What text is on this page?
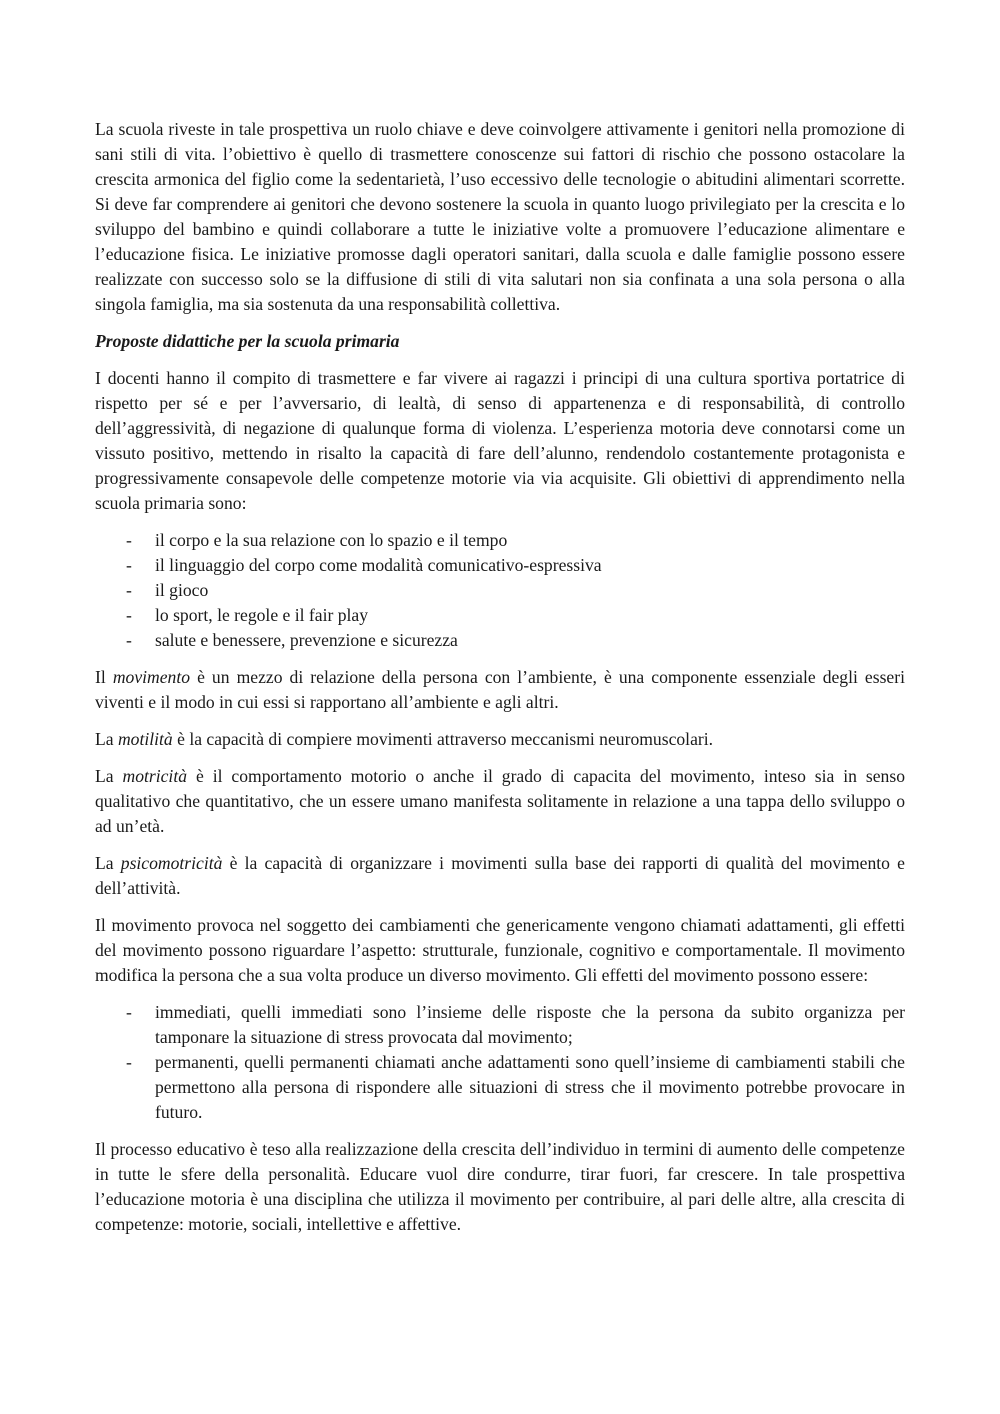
La scuola riveste in tale prospettiva un ruolo chiave e deve coinvolgere attivamente i genitori nella promozione di sani stili di vita. l’obiettivo è quello di trasmettere conoscenze sui fattori di rischio che possono ostacolare la crescita armonica del figlio come la sedentarietà, l’uso eccessivo delle tecnologie o abitudini alimentari scorrette. Si deve far comprendere ai genitori che devono sostenere la scuola in quanto luogo privilegiato per la crescita e lo sviluppo del bambino e quindi collaborare a tutte le iniziative volte a promuovere l’educazione alimentare e l’educazione fisica. Le iniziative promosse dagli operatori sanitari, dalla scuola e dalle famiglie possono essere realizzate con successo solo se la diffusione di stili di vita salutari non sia confinata a una sola persona o alla singola famiglia, ma sia sostenuta da una responsabilità collettiva.

Proposte didattiche per la scuola primaria

I docenti hanno il compito di trasmettere e far vivere ai ragazzi i principi di una cultura sportiva portatrice di rispetto per sé e per l’avversario, di lealtà, di senso di appartenenza e di responsabilità, di controllo dell’aggressività, di negazione di qualunque forma di violenza. L’esperienza motoria deve connotarsi come un vissuto positivo, mettendo in risalto la capacità di fare dell’alunno, rendendolo costantemente protagonista e progressivamente consapevole delle competenze motorie via via acquisite. Gli obiettivi di apprendimento nella scuola primaria sono:

- il corpo e la sua relazione con lo spazio e il tempo
- il linguaggio del corpo come modalità comunicativo-espressiva
- il gioco
- lo sport, le regole e il fair play
- salute e benessere, prevenzione e sicurezza

Il movimento è un mezzo di relazione della persona con l’ambiente, è una componente essenziale degli esseri viventi e il modo in cui essi si rapportano all’ambiente e agli altri.

La motilità è la capacità di compiere movimenti attraverso meccanismi neuromuscolari.

La motricità è il comportamento motorio o anche il grado di capacita del movimento, inteso sia in senso qualitativo che quantitativo, che un essere umano manifesta solitamente in relazione a una tappa dello sviluppo o ad un’età.

La psicomotricità è la capacità di organizzare i movimenti sulla base dei rapporti di qualità del movimento e dell’attività.

Il movimento provoca nel soggetto dei cambiamenti che genericamente vengono chiamati adattamenti, gli effetti del movimento possono riguardare l’aspetto: strutturale, funzionale, cognitivo e comportamentale. Il movimento modifica la persona che a sua volta produce un diverso movimento. Gli effetti del movimento possono essere:

- immediati, quelli immediati sono l’insieme delle risposte che la persona da subito organizza per tamponare la situazione di stress provocata dal movimento;
- permanenti, quelli permanenti chiamati anche adattamenti sono quell’insieme di cambiamenti stabili che permettono alla persona di rispondere alle situazioni di stress che il movimento potrebbe provocare in futuro.

Il processo educativo è teso alla realizzazione della crescita dell’individuo in termini di aumento delle competenze in tutte le sfere della personalità. Educare vuol dire condurre, tirar fuori, far crescere. In tale prospettiva l’educazione motoria è una disciplina che utilizza il movimento per contribuire, al pari delle altre, alla crescita di competenze: motorie, sociali, intellettive e affettive.
